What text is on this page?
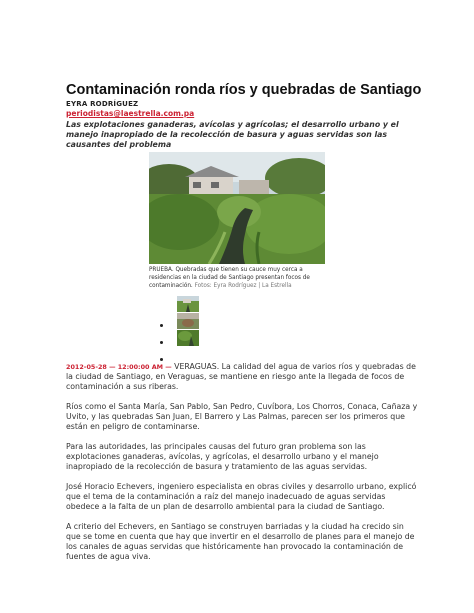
Contaminación ronda ríos y quebradas de Santiago
EYRA RODRÍGUEZ
periodistas@laestrella.com.pa
Las explotaciones ganaderas, avícolas y agrícolas; el desarrollo urbano y el manejo inapropiado de la recolección de basura y aguas servidas son las causantes del problema
PRUEBA. Quebradas que tienen su cauce muy cerca a residencias en la ciudad de Santiago presentan focos de contaminación. Fotos: Eyra Rodríguez | La Estrella

2012-05-28 — 12:00:00 AM — VERAGUAS. La calidad del agua de varios ríos y quebradas de la ciudad de Santiago, en Veraguas, se mantiene en riesgo ante la llegada de focos de contaminación a sus riberas.

Ríos como el Santa María, San Pablo, San Pedro, Cuvíbora, Los Chorros, Conaca, Cañaza y Uvito, y las quebradas San Juan, El Barrero y Las Palmas, parecen ser los primeros que están en peligro de contaminarse.

Para las autoridades, las principales causas del futuro gran problema son las explotaciones ganaderas, avícolas, y agrícolas, el desarrollo urbano y el manejo inapropiado de la recolección de basura y tratamiento de las aguas servidas.

José Horacio Echevers, ingeniero especialista en obras civiles y desarrollo urbano, explicó que el tema de la contaminación a raíz del manejo inadecuado de aguas servidas obedece a la falta de un plan de desarrollo ambiental para la ciudad de Santiago.

A criterio del Echevers, en Santiago se construyen barriadas y la ciudad ha crecido sin que se tome en cuenta que hay que invertir en el desarrollo de planes para el manejo de los canales de aguas servidas que históricamente han provocado la contaminación de fuentes de agua viva.
